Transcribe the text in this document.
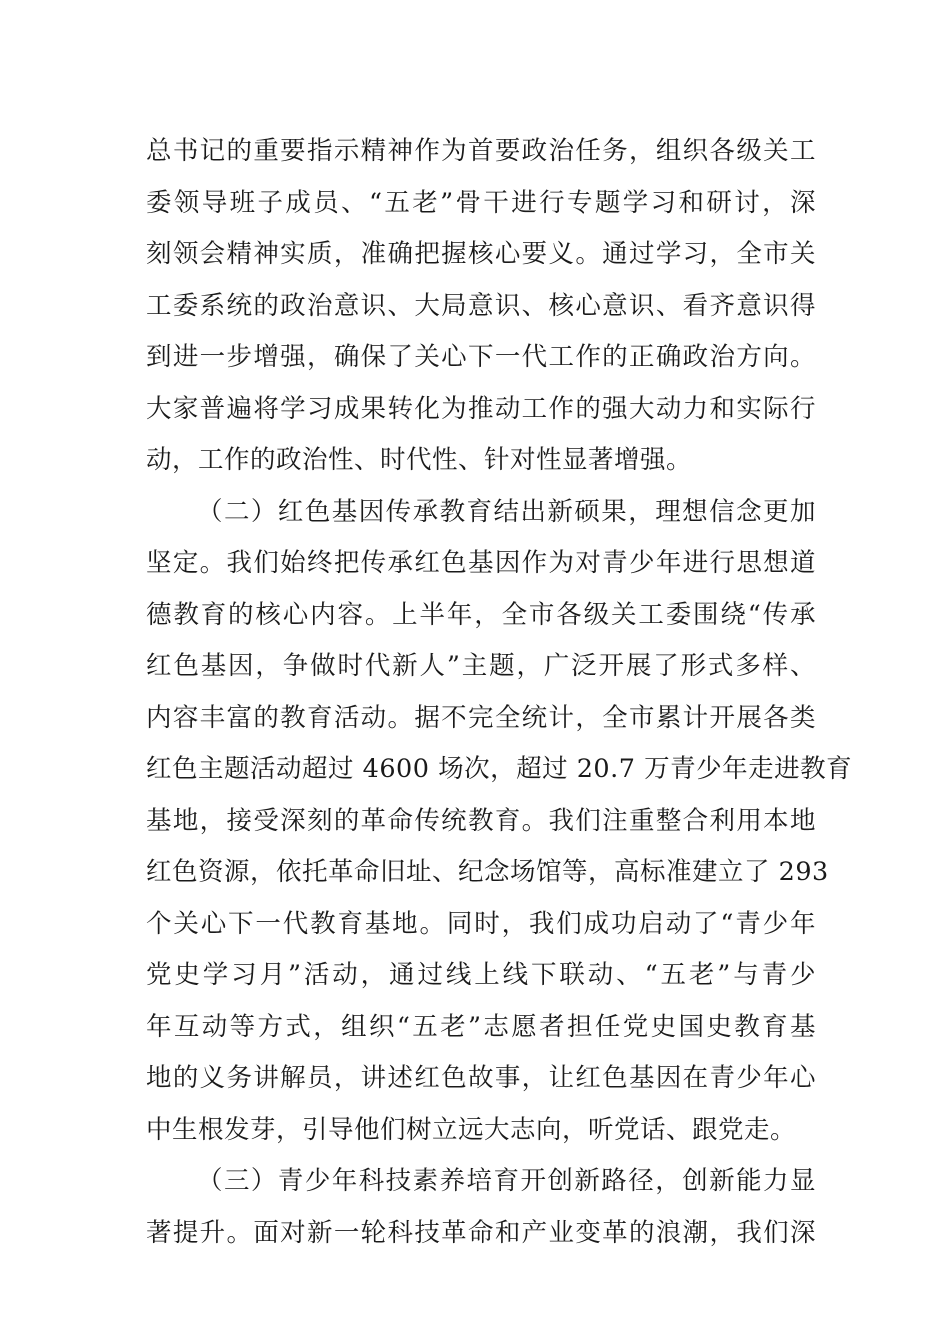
总书记的重要指示精神作为首要政治任务，组织各级关工
委领导班子成员、“五老”骨干进行专题学习和研讨，深
刻领会精神实质，准确把握核心要义。通过学习，全市关
工委系统的政治意识、大局意识、核心意识、看齐意识得
到进一步增强，确保了关心下一代工作的正确政治方向。
大家普遍将学习成果转化为推动工作的强大动力和实际行
动，工作的政治性、时代性、针对性显著增强。
（二）红色基因传承教育结出新硕果，理想信念更加
坚定。我们始终把传承红色基因作为对青少年进行思想道
德教育的核心内容。上半年，全市各级关工委围绕“传承
红色基因，争做时代新人”主题，广泛开展了形式多样、
内容丰富的教育活动。据不完全统计，全市累计开展各类
红色主题活动超过 4600 场次，超过 20.7 万青少年走进教育
基地，接受深刻的革命传统教育。我们注重整合利用本地
红色资源，依托革命旧址、纪念场馆等，高标准建立了 293
个关心下一代教育基地。同时，我们成功启动了“青少年
党史学习月”活动，通过线上线下联动、“五老”与青少
年互动等方式，组织“五老”志愿者担任党史国史教育基
地的义务讲解员，讲述红色故事，让红色基因在青少年心
中生根发芽，引导他们树立远大志向，听党话、跟党走。
（三）青少年科技素养培育开创新路径，创新能力显
著提升。面对新一轮科技革命和产业变革的浪潮，我们深
